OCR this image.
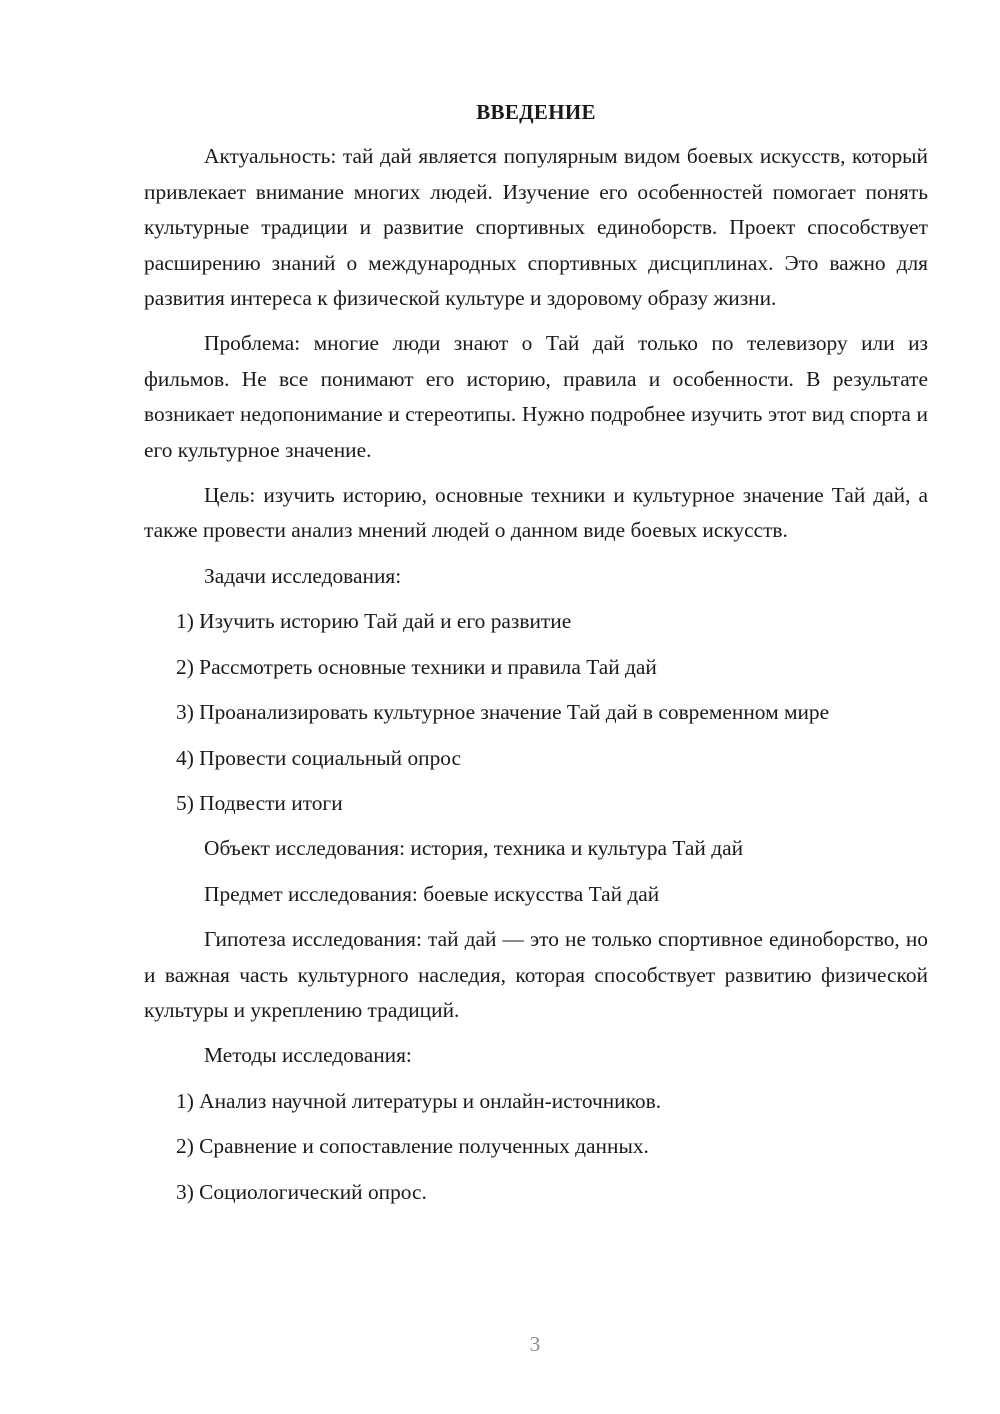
ВВЕДЕНИЕ

Актуальность: тай дай является популярным видом боевых искусств, который привлекает внимание многих людей. Изучение его особенностей помогает понять культурные традиции и развитие спортивных единоборств. Проект способствует расширению знаний о международных спортивных дисциплинах. Это важно для развития интереса к физической культуре и здоровому образу жизни.

Проблема: многие люди знают о Тай дай только по телевизору или из фильмов. Не все понимают его историю, правила и особенности. В результате возникает недопонимание и стереотипы. Нужно подробнее изучить этот вид спорта и его культурное значение.

Цель: изучить историю, основные техники и культурное значение Тай дай, а также провести анализ мнений людей о данном виде боевых искусств.

Задачи исследования:

1) Изучить историю Тай дай и его развитие

2) Рассмотреть основные техники и правила Тай дай

3) Проанализировать культурное значение Тай дай в современном мире

4) Провести социальный опрос

5) Подвести итоги

Объект исследования: история, техника и культура Тай дай

Предмет исследования: боевые искусства Тай дай

Гипотеза исследования: тай дай — это не только спортивное единоборство, но и важная часть культурного наследия, которая способствует развитию физической культуры и укреплению традиций.

Методы исследования:

1) Анализ научной литературы и онлайн-источников.

2) Сравнение и сопоставление полученных данных.

3) Социологический опрос.

3
